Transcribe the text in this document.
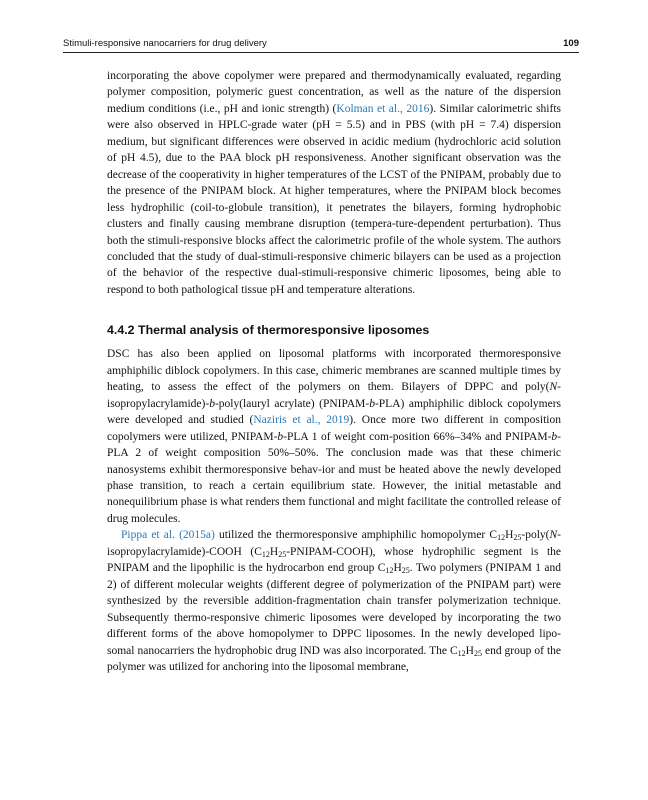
Stimuli-responsive nanocarriers for drug delivery	109

incorporating the above copolymer were prepared and thermodynamically evaluated, regarding polymer composition, polymeric guest concentration, as well as the nature of the dispersion medium conditions (i.e., pH and ionic strength) (Kolman et al., 2016). Similar calorimetric shifts were also observed in HPLC-grade water (pH = 5.5) and in PBS (with pH = 7.4) dispersion medium, but significant differences were observed in acidic medium (hydrochloric acid solution of pH 4.5), due to the PAA block pH responsiveness. Another significant observation was the decrease of the cooperativity in higher temperatures of the LCST of the PNIPAM, probably due to the presence of the PNIPAM block. At higher temperatures, where the PNIPAM block becomes less hydrophilic (coil-to-globule transition), it penetrates the bilayers, forming hydrophobic clusters and finally causing membrane disruption (tempera-ture-dependent perturbation). Thus both the stimuli-responsive blocks affect the calorimetric profile of the whole system. The authors concluded that the study of dual-stimuli-responsive chimeric bilayers can be used as a projection of the behavior of the respective dual-stimuli-responsive chimeric liposomes, being able to respond to both pathological tissue pH and temperature alterations.

4.4.2 Thermal analysis of thermoresponsive liposomes

DSC has also been applied on liposomal platforms with incorporated thermoresponsive amphiphilic diblock copolymers. In this case, chimeric membranes are scanned multiple times by heating, to assess the effect of the polymers on them. Bilayers of DPPC and poly(N-isopropylacrylamide)-b-poly(lauryl acrylate) (PNIPAM-b-PLA) amphiphilic diblock copolymers were developed and studied (Naziris et al., 2019). Once more two different in composition copolymers were utilized, PNIPAM-b-PLA 1 of weight com-position 66%–34% and PNIPAM-b-PLA 2 of weight composition 50%–50%. The conclusion made was that these chimeric nanosystems exhibit thermoresponsive behav-ior and must be heated above the newly developed phase transition, to reach a certain equilibrium state. However, the initial metastable and nonequilibrium phase is what renders them functional and might facilitate the controlled release of drug molecules.

Pippa et al. (2015a) utilized the thermoresponsive amphiphilic homopolymer $C_{12}H_{25}-poly(N-isopropylacrylamide)$-COOH $(C_{12}H_{25}-PNIPAM-COOH)$, whose hydrophilic segment is the PNIPAM and the lipophilic is the hydrocarbon end group $C_{12}H_{25}$. Two polymers (PNIPAM 1 and 2) of different molecular weights (different degree of polymerization of the PNIPAM part) were synthesized by the reversible addition-fragmentation chain transfer polymerization technique. Subsequently thermo-responsive chimeric liposomes were developed by incorporating the two different forms of the above homopolymer to DPPC liposomes. In the newly developed lipo-somal nanocarriers the hydrophobic drug IND was also incorporated. The $C_{12}H_{25}$ end group of the polymer was utilized for anchoring into the liposomal membrane,
